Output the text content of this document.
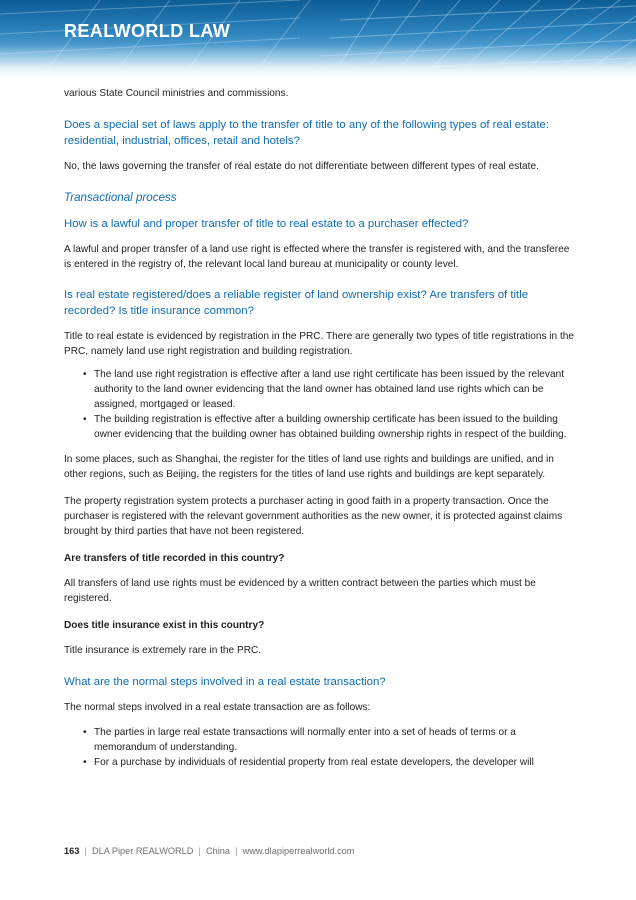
REALWORLD LAW

various State Council ministries and commissions.

Does a special set of laws apply to the transfer of title to any of the following types of real estate: residential, industrial, offices, retail and hotels?

No, the laws governing the transfer of real estate do not differentiate between different types of real estate.

Transactional process

How is a lawful and proper transfer of title to real estate to a purchaser effected?

A lawful and proper transfer of a land use right is effected where the transfer is registered with, and the transferee is entered in the registry of, the relevant local land bureau at municipality or county level.

Is real estate registered/does a reliable register of land ownership exist? Are transfers of title recorded? Is title insurance common?

Title to real estate is evidenced by registration in the PRC. There are generally two types of title registrations in the PRC, namely land use right registration and building registration.

• The land use right registration is effective after a land use right certificate has been issued by the relevant authority to the land owner evidencing that the land owner has obtained land use rights which can be assigned, mortgaged or leased.
• The building registration is effective after a building ownership certificate has been issued to the building owner evidencing that the building owner has obtained building ownership rights in respect of the building.

In some places, such as Shanghai, the register for the titles of land use rights and buildings are unified, and in other regions, such as Beijing, the registers for the titles of land use rights and buildings are kept separately.

The property registration system protects a purchaser acting in good faith in a property transaction. Once the purchaser is registered with the relevant government authorities as the new owner, it is protected against claims brought by third parties that have not been registered.

Are transfers of title recorded in this country?

All transfers of land use rights must be evidenced by a written contract between the parties which must be registered.

Does title insurance exist in this country?

Title insurance is extremely rare in the PRC.

What are the normal steps involved in a real estate transaction?

The normal steps involved in a real estate transaction are as follows:

• The parties in large real estate transactions will normally enter into a set of heads of terms or a memorandum of understanding.
• For a purchase by individuals of residential property from real estate developers, the developer will
163 | DLA Piper REALWORLD | China | www.dlapiperrealworld.com
